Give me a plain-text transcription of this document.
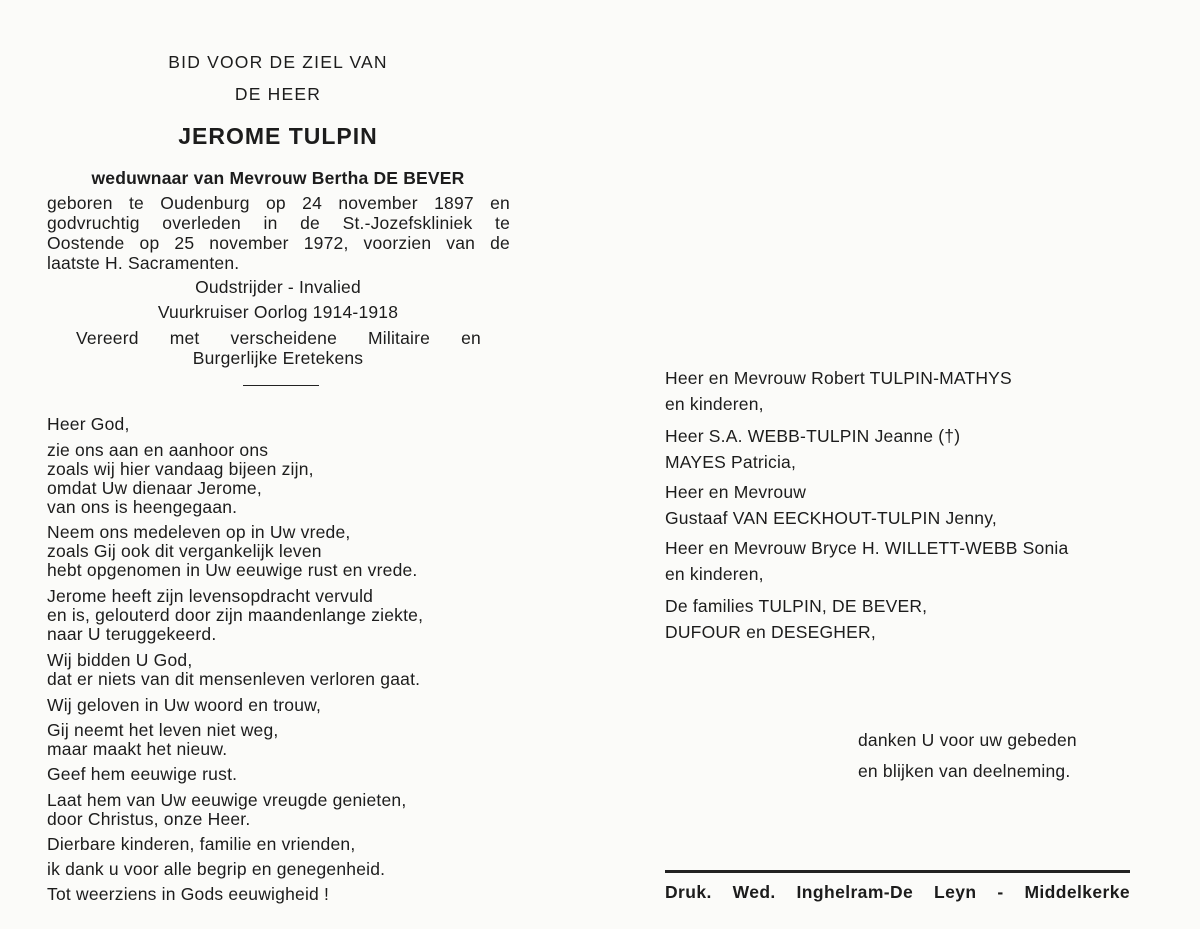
BID VOOR DE ZIEL VAN
DE HEER
JEROME TULPIN
weduwnaar van Mevrouw Bertha DE BEVER
geboren te Oudenburg op 24 november 1897 en
godvruchtig overleden in de St.-Jozefskliniek te
Oostende op 25 november 1972, voorzien van de
laatste H. Sacramenten.
Oudstrijder - Invalied
Vuurkruiser Oorlog 1914-1918
Vereerd met verscheidene Militaire en
Burgerlijke Eretekens
Heer God,
zie ons aan en aanhoor ons
zoals wij hier vandaag bijeen zijn,
omdat Uw dienaar Jerome,
van ons is heengegaan.
Neem ons medeleven op in Uw vrede,
zoals Gij ook dit vergankelijk leven
hebt opgenomen in Uw eeuwige rust en vrede.
Jerome heeft zijn levensopdracht vervuld
en is, gelouterd door zijn maandenlange ziekte,
naar U teruggekeerd.
Wij bidden U God,
dat er niets van dit mensenleven verloren gaat.
Wij geloven in Uw woord en trouw,
Gij neemt het leven niet weg,
maar maakt het nieuw.
Geef hem eeuwige rust.
Laat hem van Uw eeuwige vreugde genieten,
door Christus, onze Heer.
Dierbare kinderen, familie en vrienden,
ik dank u voor alle begrip en genegenheid.
Tot weerziens in Gods eeuwigheid !
Heer en Mevrouw Robert TULPIN-MATHYS
en kinderen,
Heer S.A. WEBB-TULPIN Jeanne (†)
MAYES Patricia,
Heer en Mevrouw
Gustaaf VAN EECKHOUT-TULPIN Jenny,
Heer en Mevrouw Bryce H. WILLETT-WEBB Sonia
en kinderen,
De families TULPIN, DE BEVER,
DUFOUR en DESEGHER,
danken U voor uw gebeden
en blijken van deelneming.
Druk. Wed. Inghelram-De Leyn - Middelkerke
